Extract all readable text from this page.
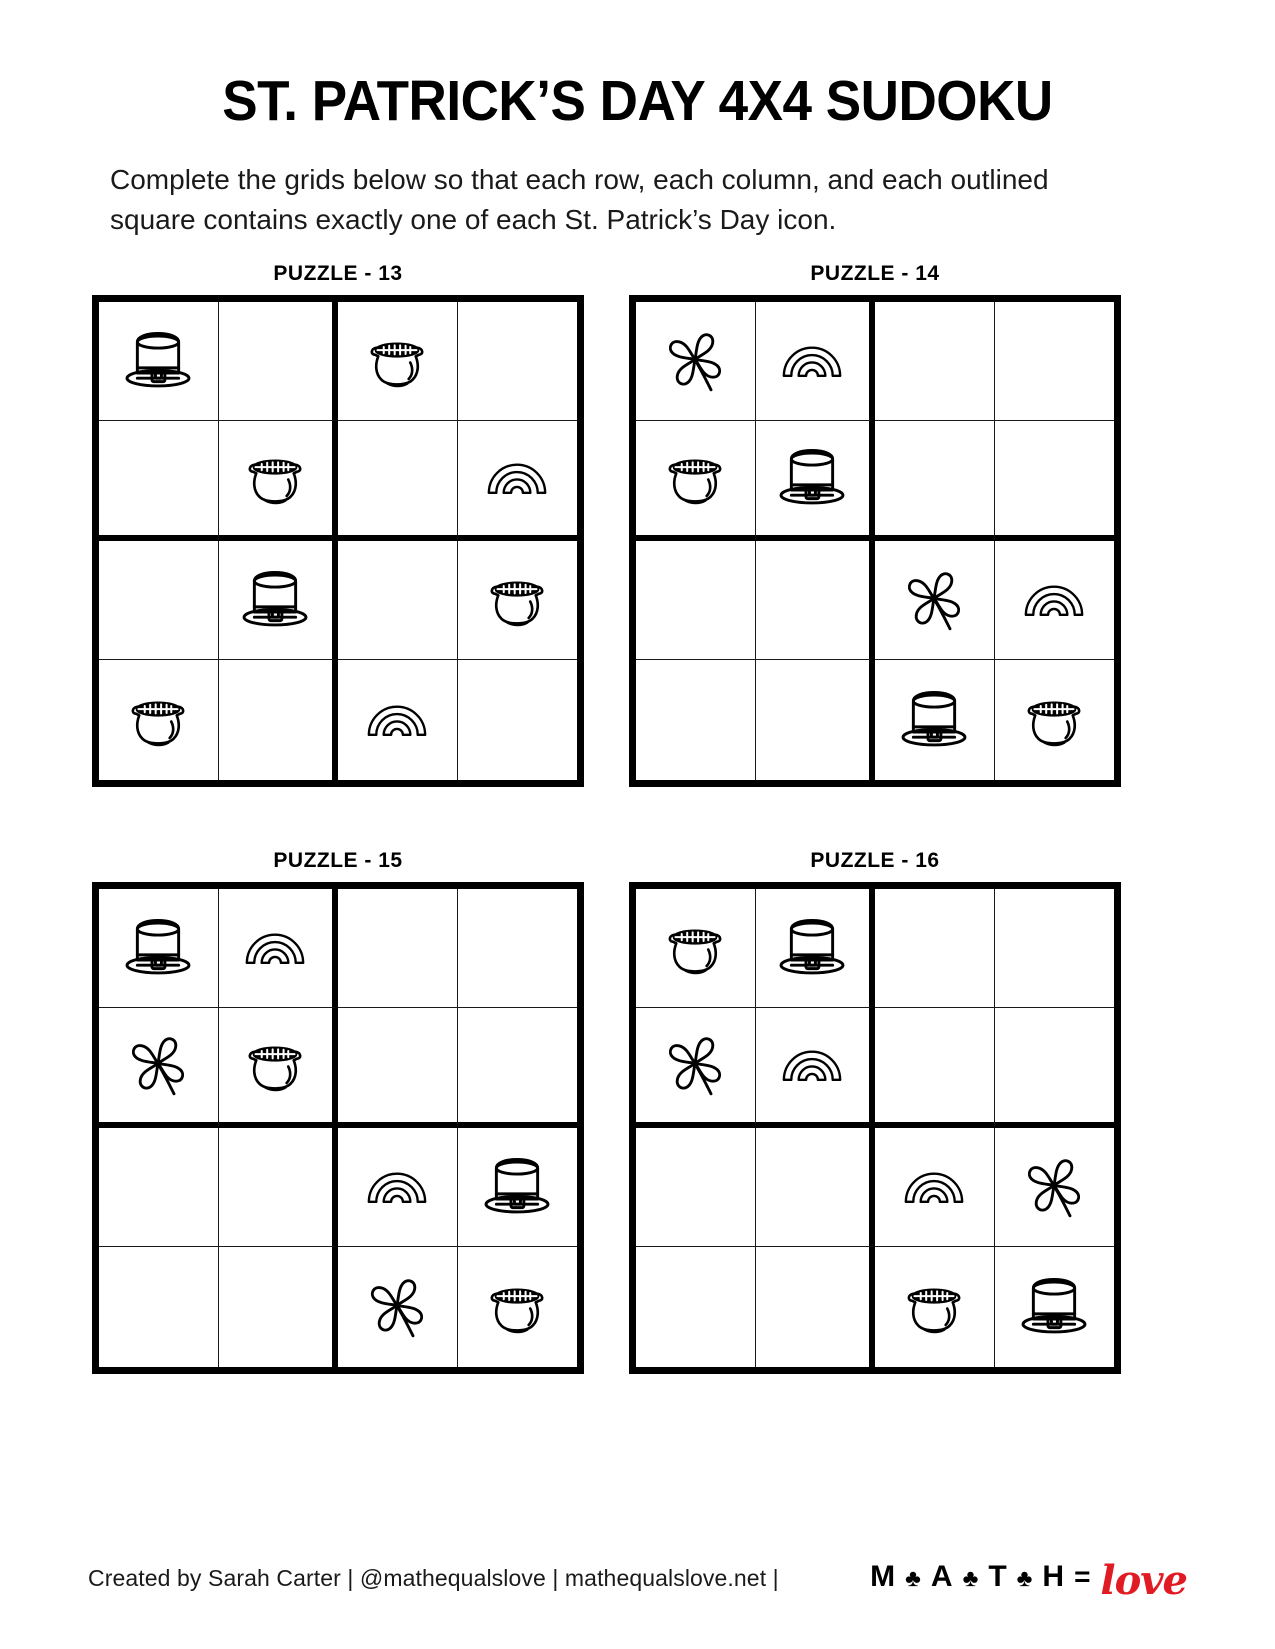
ST. PATRICK’S DAY 4X4 SUDOKU

Complete the grids below so that each row, each column, and each outlined square contains exactly one of each St. Patrick’s Day icon.

PUZZLE - 13	PUZZLE - 14
PUZZLE - 15	PUZZLE - 16
Created by Sarah Carter | @mathequalslove | mathequalslove.net |	M ♣ A ♣ T ♣ H = love
